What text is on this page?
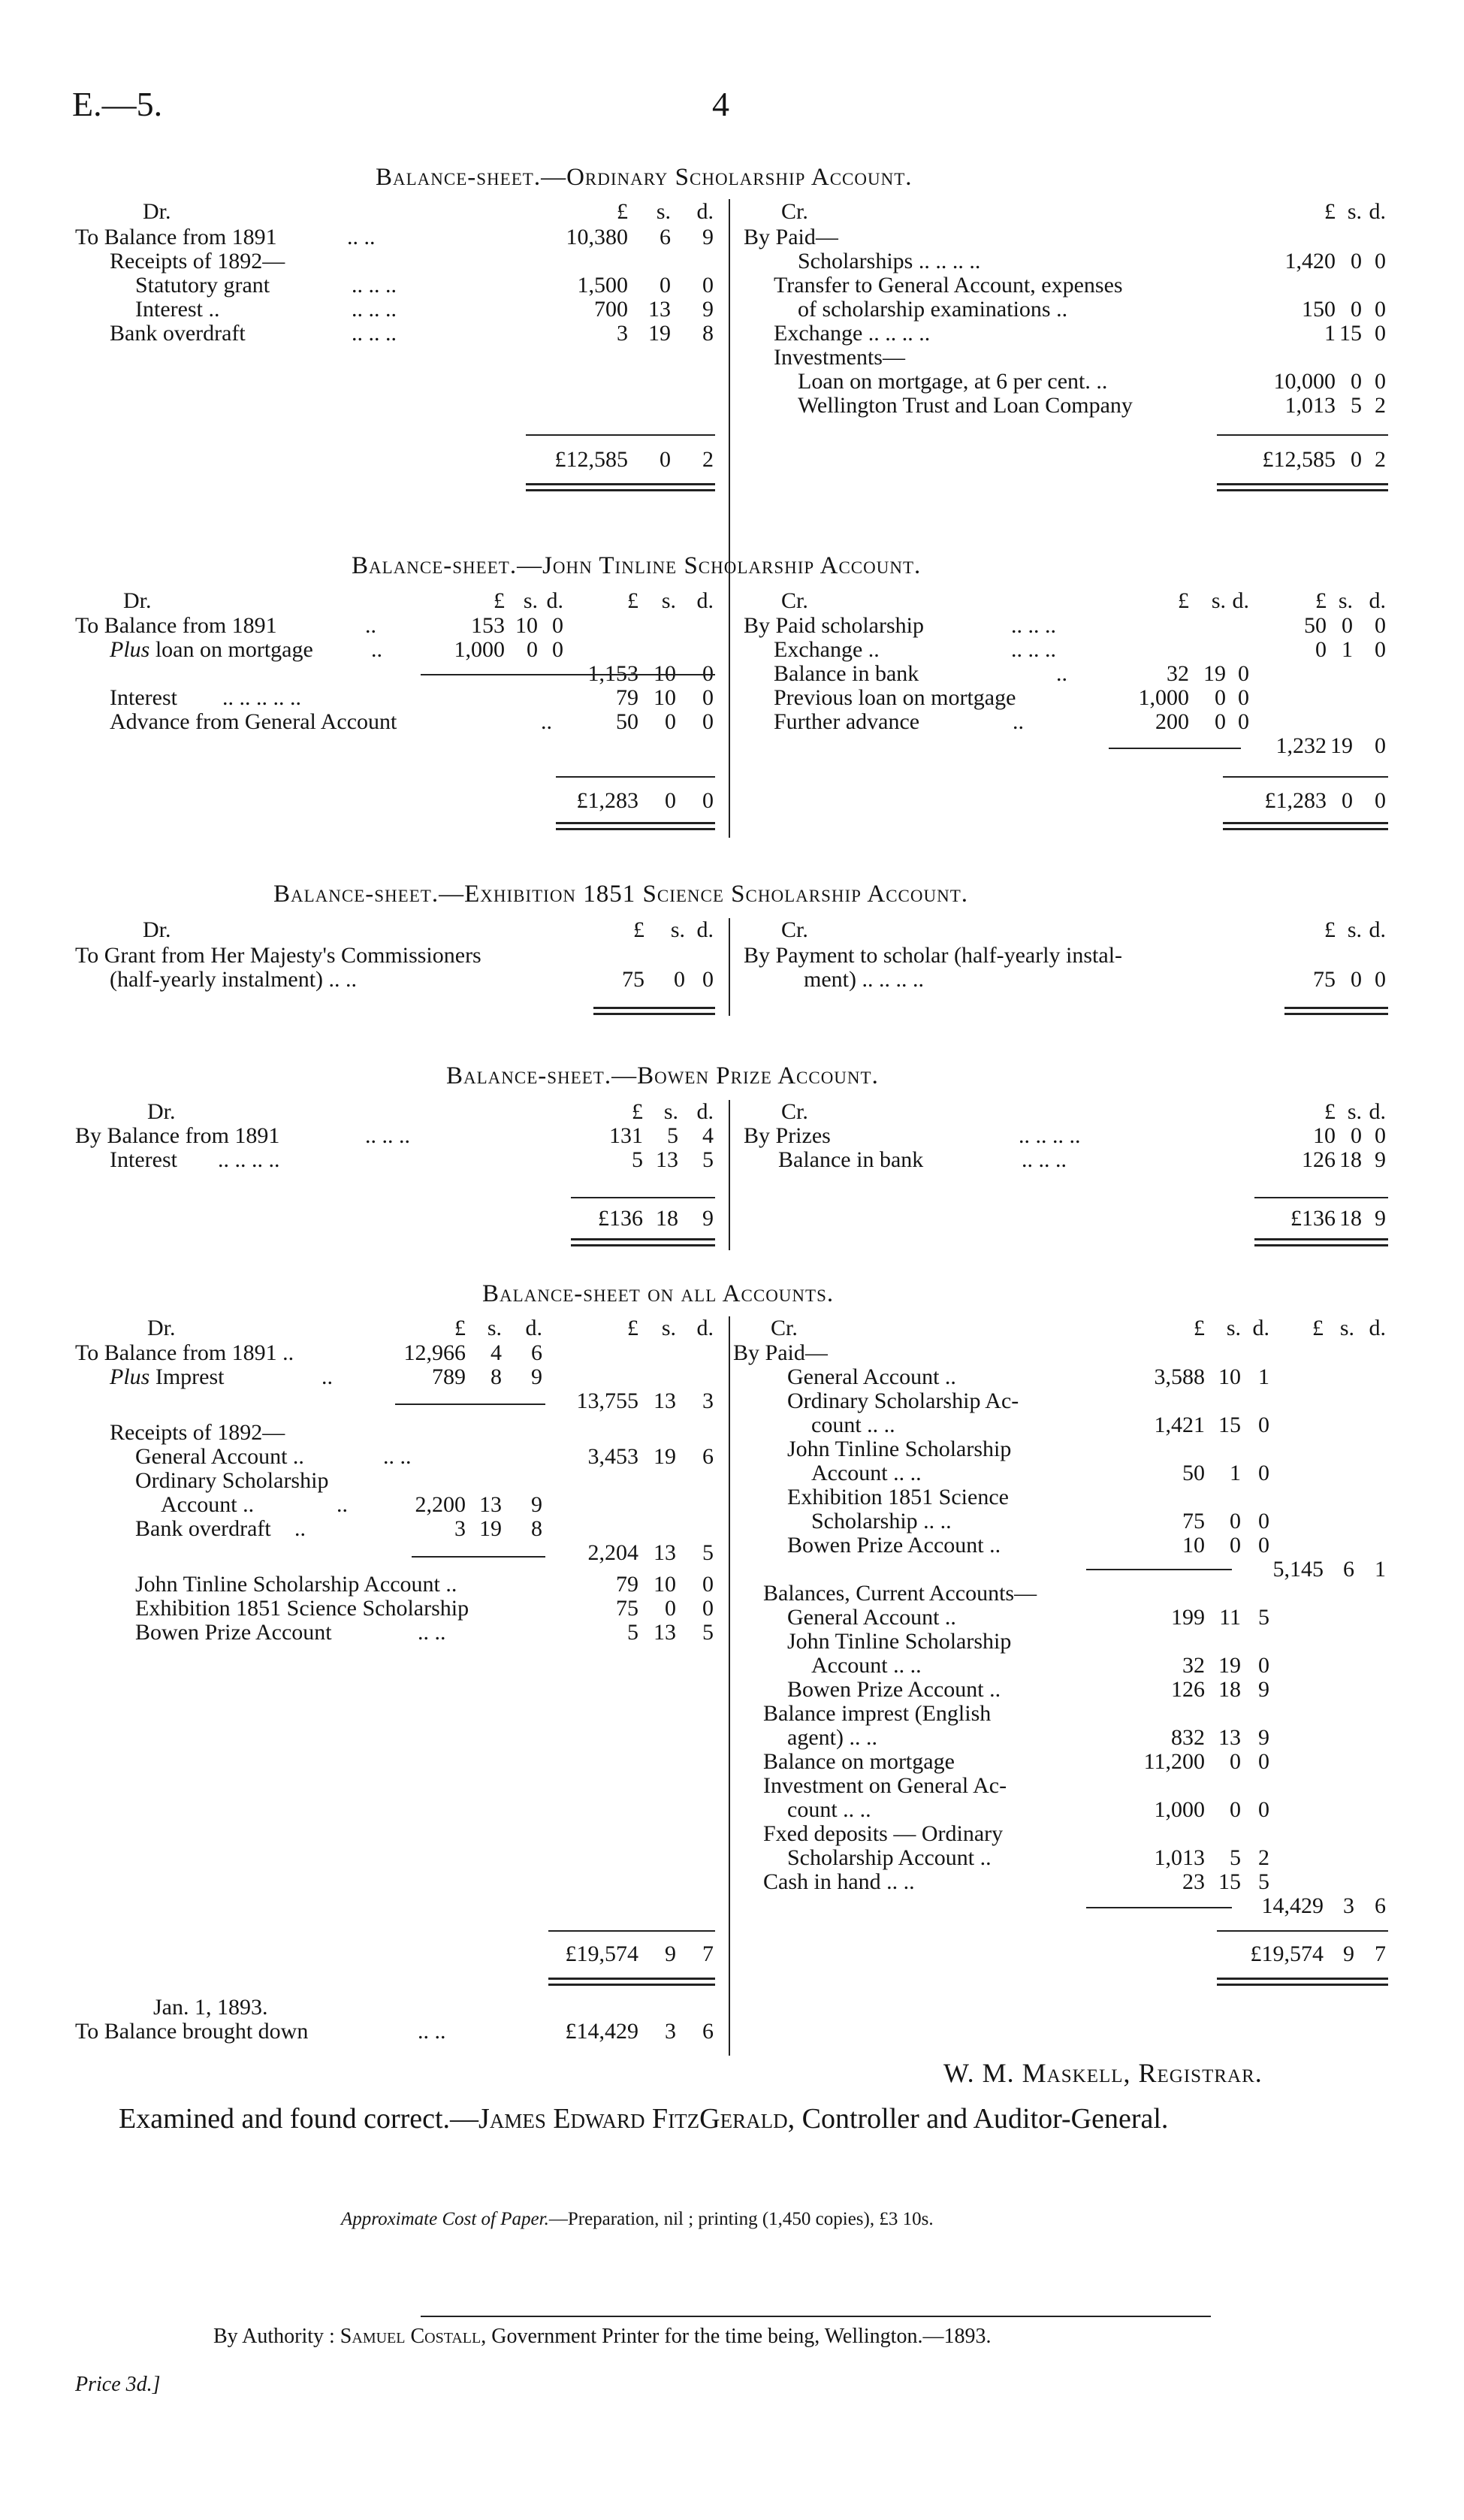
E.—5.	4
Balance-sheet.—Ordinary Scholarship Account.
Dr.	Cr.
£ s. d.	£ s. d.
To Balance from 1891	.. ..	10,380 6 9
Receipts of 1892—
Statutory grant	.. .. ..	1,500 0 0
Interest ..	.. .. ..	700 13 9
Bank overdraft	.. .. ..	3 19 8
By Paid—
Scholarships .. .. .. ..	1,420 0 0
Transfer to General Account, expenses
of scholarship examinations ..	150 0 0
Exchange .. .. .. ..	1 15 0
Investments—
Loan on mortgage, at 6 per cent. ..	10,000 0 0
Wellington Trust and Loan Company	1,013 5 2
£12,585 0 2	£12,585 0 2
Balance-sheet.—John Tinline Scholarship Account.
Dr.	Cr.
£ s. d.	£ s. d.	£ s. d.	£ s. d.
To Balance from 1891	..	153 10 0
Plus loan on mortgage	..	1,000 0 0
1,153 10 0
Interest .. .. .. .. ..	79 10 0
Advance from General Account	..	50 0 0
By Paid scholarship	.. .. ..	50 0 0
Exchange ..	.. .. ..	0 1 0
Balance in bank	..	32 19 0
Previous loan on mortgage	1,000 0 0
Further advance	..	200 0 0
1,232 19 0
£1,283 0 0	£1,283 0 0
Balance-sheet.—Exhibition 1851 Science Scholarship Account.
Dr.	Cr.
£ s. d.	£ s. d.
To Grant from Her Majesty's Commissioners
(half-yearly instalment) .. ..	75 0 0
By Payment to scholar (half-yearly instal-
ment) .. .. .. ..	75 0 0
Balance-sheet.—Bowen Prize Account.
Dr.	Cr.
£ s. d.	£ s. d.
By Balance from 1891	.. .. ..	131 5 4
Interest .. .. .. ..	5 13 5
By Prizes	.. .. .. ..	10 0 0
Balance in bank	.. .. ..	126 18 9
£136 18 9	£136 18 9
Balance-sheet on all Accounts.
Dr.	Cr.
£ s. d.	£ s. d.	£ s. d. £ s. d.
To Balance from 1891 ..	12,966 4 6
Plus Imprest	..	789 8 9
13,755 13 3
Receipts of 1892—
General Account ..	.. ..	3,453 19 6
Ordinary Scholarship
Account ..	..	2,200 13 9
Bank overdraft ..	3 19 8
2,204 13 5
John Tinline Scholarship Account ..	79 10 0
Exhibition 1851 Science Scholarship	75 0 0
Bowen Prize Account	.. ..	5 13 5
By Paid—
General Account ..	3,588 10 1
Ordinary Scholarship Ac-
count .. ..	1,421 15 0
John Tinline Scholarship
Account .. ..	50 1 0
Exhibition 1851 Science
Scholarship .. ..	75 0 0
Bowen Prize Account ..	10 0 0
5,145 6 1
Balances, Current Accounts—
General Account ..	199 11 5
John Tinline Scholarship
Account .. ..	32 19 0
Bowen Prize Account ..	126 18 9
Balance imprest (English
agent) .. ..	832 13 9
Balance on mortgage	11,200 0 0
Investment on General Ac-
count .. ..	1,000 0 0
Fxed deposits — Ordinary
Scholarship Account ..	1,013 5 2
Cash in hand .. ..	23 15 5
14,429 3 6
£19,574 9 7	£19,574 9 7
Jan. 1, 1893.
To Balance brought down	.. ..	£14,429 3 6
W. M. Maskell, Registrar.
Examined and found correct.—James Edward FitzGerald, Controller and Auditor-General.
Approximate Cost of Paper.—Preparation, nil ; printing (1,450 copies), £3 10s.
By Authority : Samuel Costall, Government Printer for the time being, Wellington.—1893.
Price 3d.]
